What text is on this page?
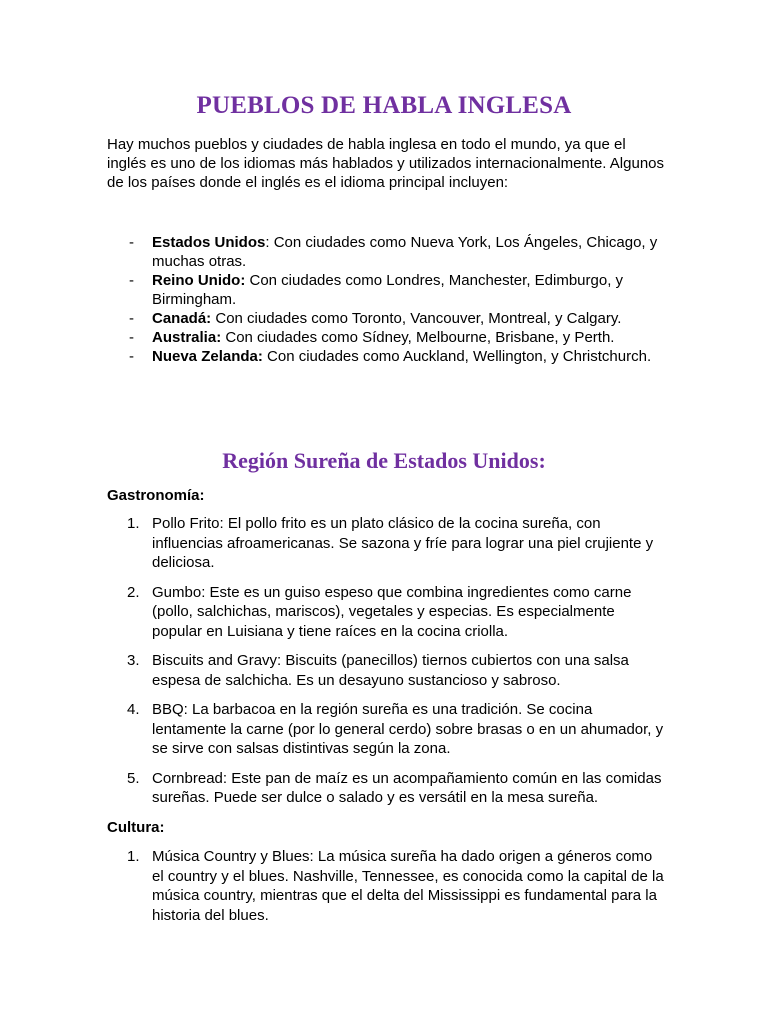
PUEBLOS DE HABLA INGLESA
Hay muchos pueblos y ciudades de habla inglesa en todo el mundo, ya que el inglés es uno de los idiomas más hablados y utilizados internacionalmente. Algunos de los países donde el inglés es el idioma principal incluyen:
- Estados Unidos: Con ciudades como Nueva York, Los Ángeles, Chicago, y muchas otras.
- Reino Unido: Con ciudades como Londres, Manchester, Edimburgo, y Birmingham.
- Canadá: Con ciudades como Toronto, Vancouver, Montreal, y Calgary.
- Australia: Con ciudades como Sídney, Melbourne, Brisbane, y Perth.
- Nueva Zelanda: Con ciudades como Auckland, Wellington, y Christchurch.
Región Sureña de Estados Unidos:
Gastronomía:
1. Pollo Frito: El pollo frito es un plato clásico de la cocina sureña, con influencias afroamericanas. Se sazona y fríe para lograr una piel crujiente y deliciosa.
2. Gumbo: Este es un guiso espeso que combina ingredientes como carne (pollo, salchichas, mariscos), vegetales y especias. Es especialmente popular en Luisiana y tiene raíces en la cocina criolla.
3. Biscuits and Gravy: Biscuits (panecillos) tiernos cubiertos con una salsa espesa de salchicha. Es un desayuno sustancioso y sabroso.
4. BBQ: La barbacoa en la región sureña es una tradición. Se cocina lentamente la carne (por lo general cerdo) sobre brasas o en un ahumador, y se sirve con salsas distintivas según la zona.
5. Cornbread: Este pan de maíz es un acompañamiento común en las comidas sureñas. Puede ser dulce o salado y es versátil en la mesa sureña.
Cultura:
1. Música Country y Blues: La música sureña ha dado origen a géneros como el country y el blues. Nashville, Tennessee, es conocida como la capital de la música country, mientras que el delta del Mississippi es fundamental para la historia del blues.
